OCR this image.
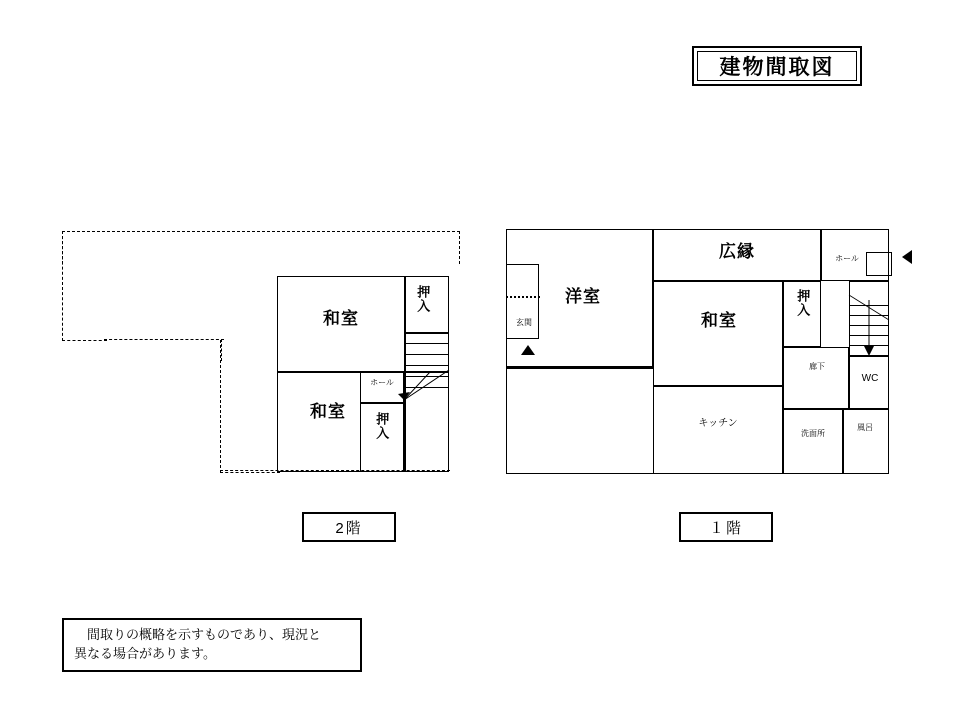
建物間取図
和室
和室
押入
押入
ホール
2階
洋室
広縁
和室
押入
ホール
玄関
キッチン
洗面所
風呂
廊下
WC
１階
　間取りの概略を示すものであり、現況と
異なる場合があります。
